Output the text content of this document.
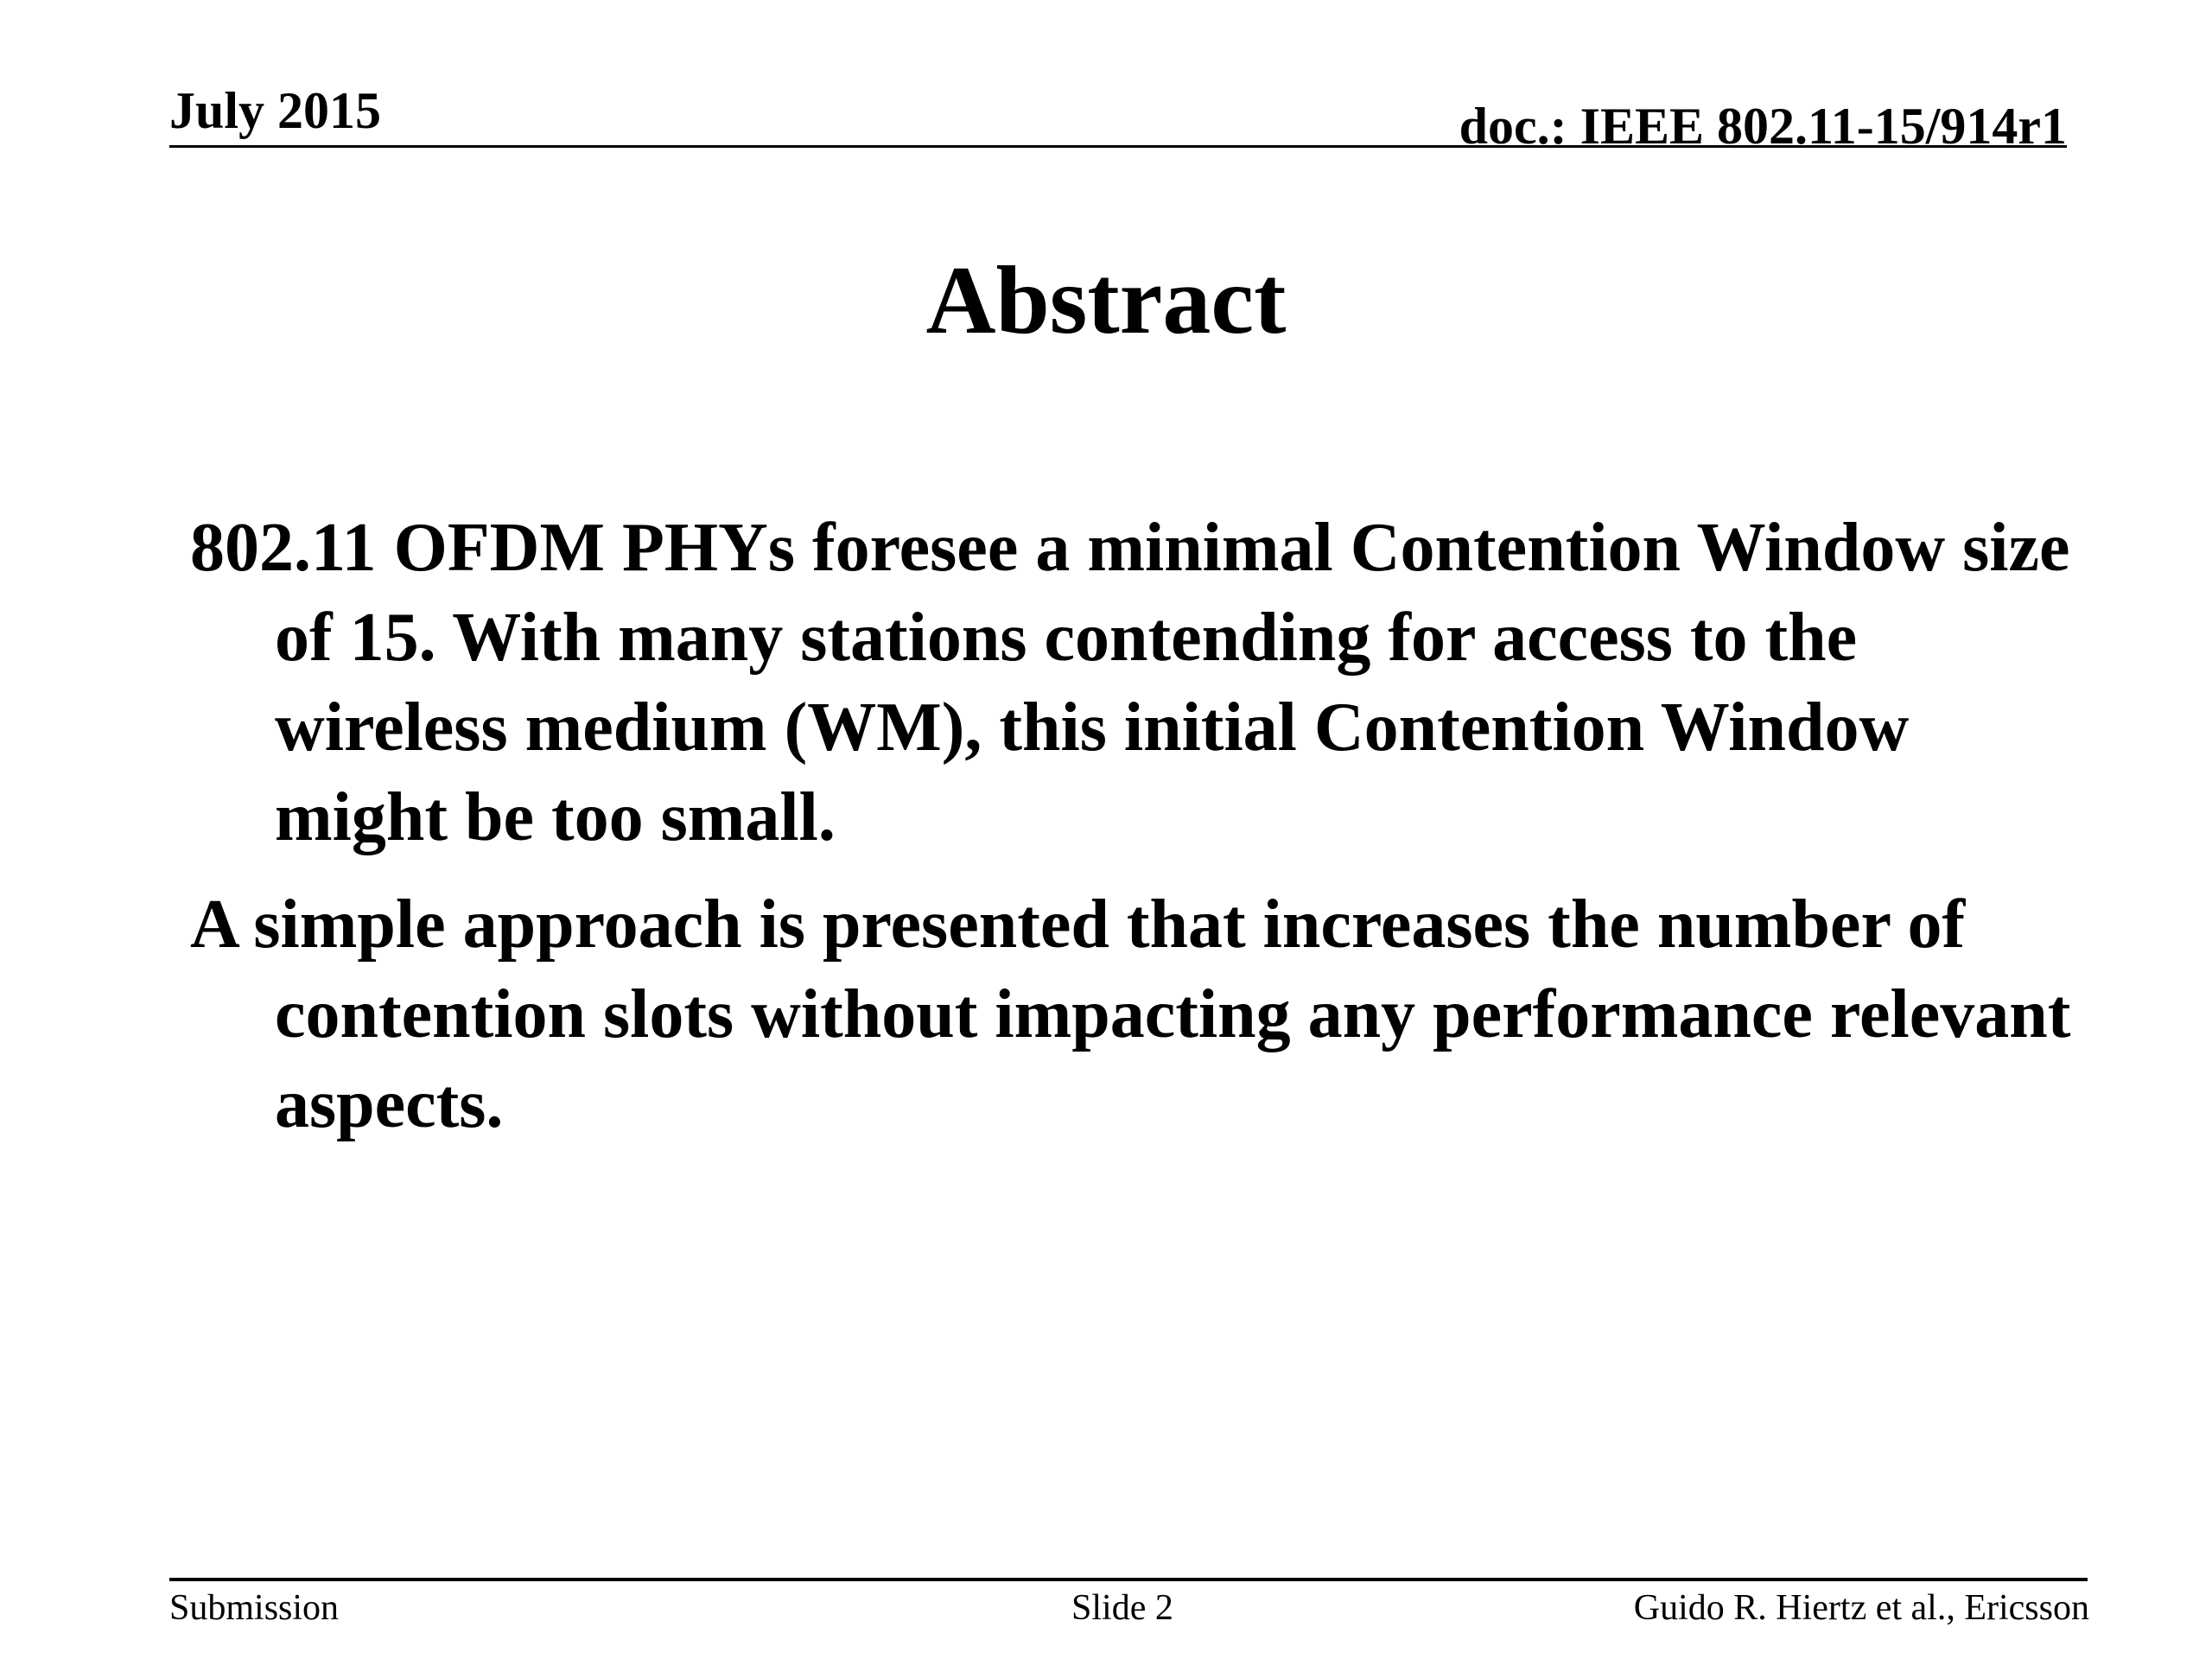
July 2015	doc.: IEEE 802.11-15/914r1
Abstract
802.11 OFDM PHYs foresee a minimal Contention Window size of 15. With many stations contending for access to the wireless medium (WM), this initial Contention Window might be too small.
A simple approach is presented that increases the number of contention slots without impacting any performance relevant aspects.
Submission	Slide 2	Guido R. Hiertz et al., Ericsson
